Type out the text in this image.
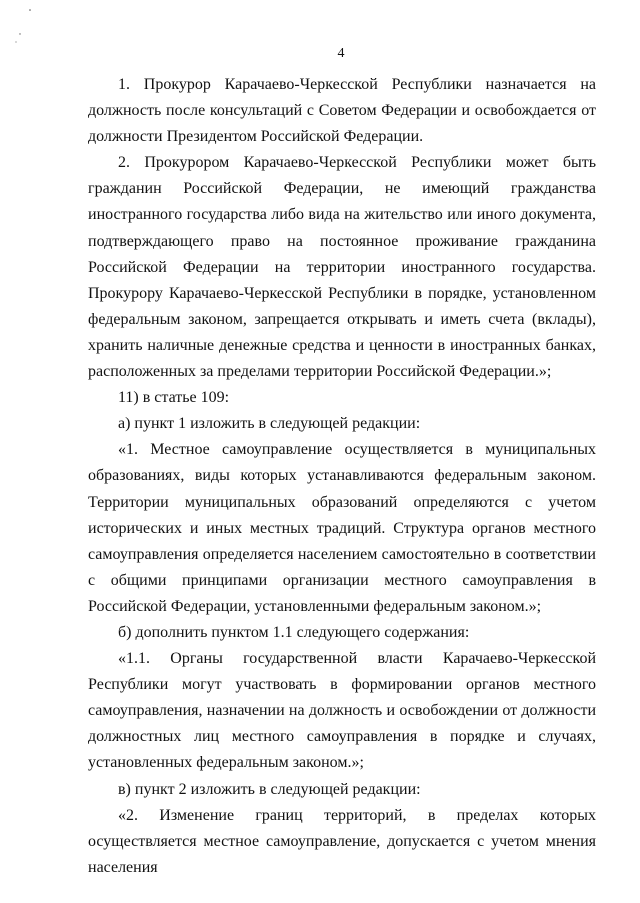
4

1. Прокурор Карачаево-Черкесской Республики назначается на должность после консультаций с Советом Федерации и освобождается от должности Президентом Российской Федерации.

2. Прокурором Карачаево-Черкесской Республики может быть гражданин Российской Федерации, не имеющий гражданства иностранного государства либо вида на жительство или иного документа, подтверждающего право на постоянное проживание гражданина Российской Федерации на территории иностранного государства. Прокурору Карачаево-Черкесской Республики в порядке, установленном федеральным законом, запрещается открывать и иметь счета (вклады), хранить наличные денежные средства и ценности в иностранных банках, расположенных за пределами территории Российской Федерации.»;

11) в статье 109:

а) пункт 1 изложить в следующей редакции:

«1. Местное самоуправление осуществляется в муниципальных образованиях, виды которых устанавливаются федеральным законом. Территории муниципальных образований определяются с учетом исторических и иных местных традиций. Структура органов местного самоуправления определяется населением самостоятельно в соответствии с общими принципами организации местного самоуправления в Российской Федерации, установленными федеральным законом.»;

б) дополнить пунктом 1.1 следующего содержания:

«1.1. Органы государственной власти Карачаево-Черкесской Республики могут участвовать в формировании органов местного самоуправления, назначении на должность и освобождении от должности должностных лиц местного самоуправления в порядке и случаях, установленных федеральным законом.»;

в) пункт 2 изложить в следующей редакции:

«2. Изменение границ территорий, в пределах которых осуществляется местное самоуправление, допускается с учетом мнения населения
